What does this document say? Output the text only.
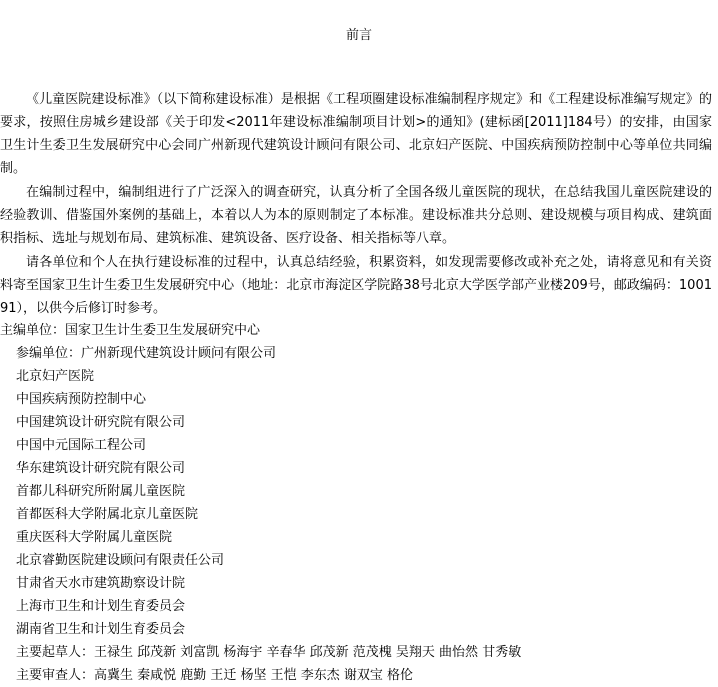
前言

《儿童医院建设标准》（以下简称建设标准）是根据《工程项圈建设标准编制程序规定》和《工程建设标准编写规定》的要求，按照住房城乡建设部《关于印发<2011年建设标准编制项目计划>的通知》(建标函[2011]184号）的安排，由国家卫生计生委卫生发展研究中心会同广州新现代建筑设计顾问有限公司、北京妇产医院、中国疾病预防控制中心等单位共同编制。

在编制过程中，编制组进行了广泛深入的调查研究，认真分析了全国各级儿童医院的现状，在总结我国儿童医院建设的经验教训、借鉴国外案例的基础上，本着以人为本的原则制定了本标准。建设标准共分总则、建设规模与项目构成、建筑面积指标、选址与规划布局、建筑标准、建筑设备、医疗设备、相关指标等八章。

请各单位和个人在执行建设标准的过程中，认真总结经验，积累资料，如发现需要修改或补充之处，请将意见和有关资料寄至国家卫生计生委卫生发展研究中心（地址：北京市海淀区学院路38号北京大学医学部产业楼209号，邮政编码：100191），以供今后修订时参考。

主编单位：国家卫生计生委卫生发展研究中心
参编单位：广州新现代建筑设计顾问有限公司
北京妇产医院
中国疾病预防控制中心
中国建筑设计研究院有限公司
中国中元国际工程公司
华东建筑设计研究院有限公司
首都儿科研究所附属儿童医院
首都医科大学附属北京儿童医院
重庆医科大学附属儿童医院
北京睿勤医院建设顾问有限责任公司
甘肃省天水市建筑勘察设计院
上海市卫生和计划生育委员会
湖南省卫生和计划生育委员会
主要起草人：王禄生 邱茂新 刘富凯 杨海宇 辛春华 邱茂新 范茂槐 吴翔天 曲怡然 甘秀敏
主要审查人：高冀生 秦咸悦 鹿勤 王迁 杨坚 王恺 李东杰 谢双宝 格伦
